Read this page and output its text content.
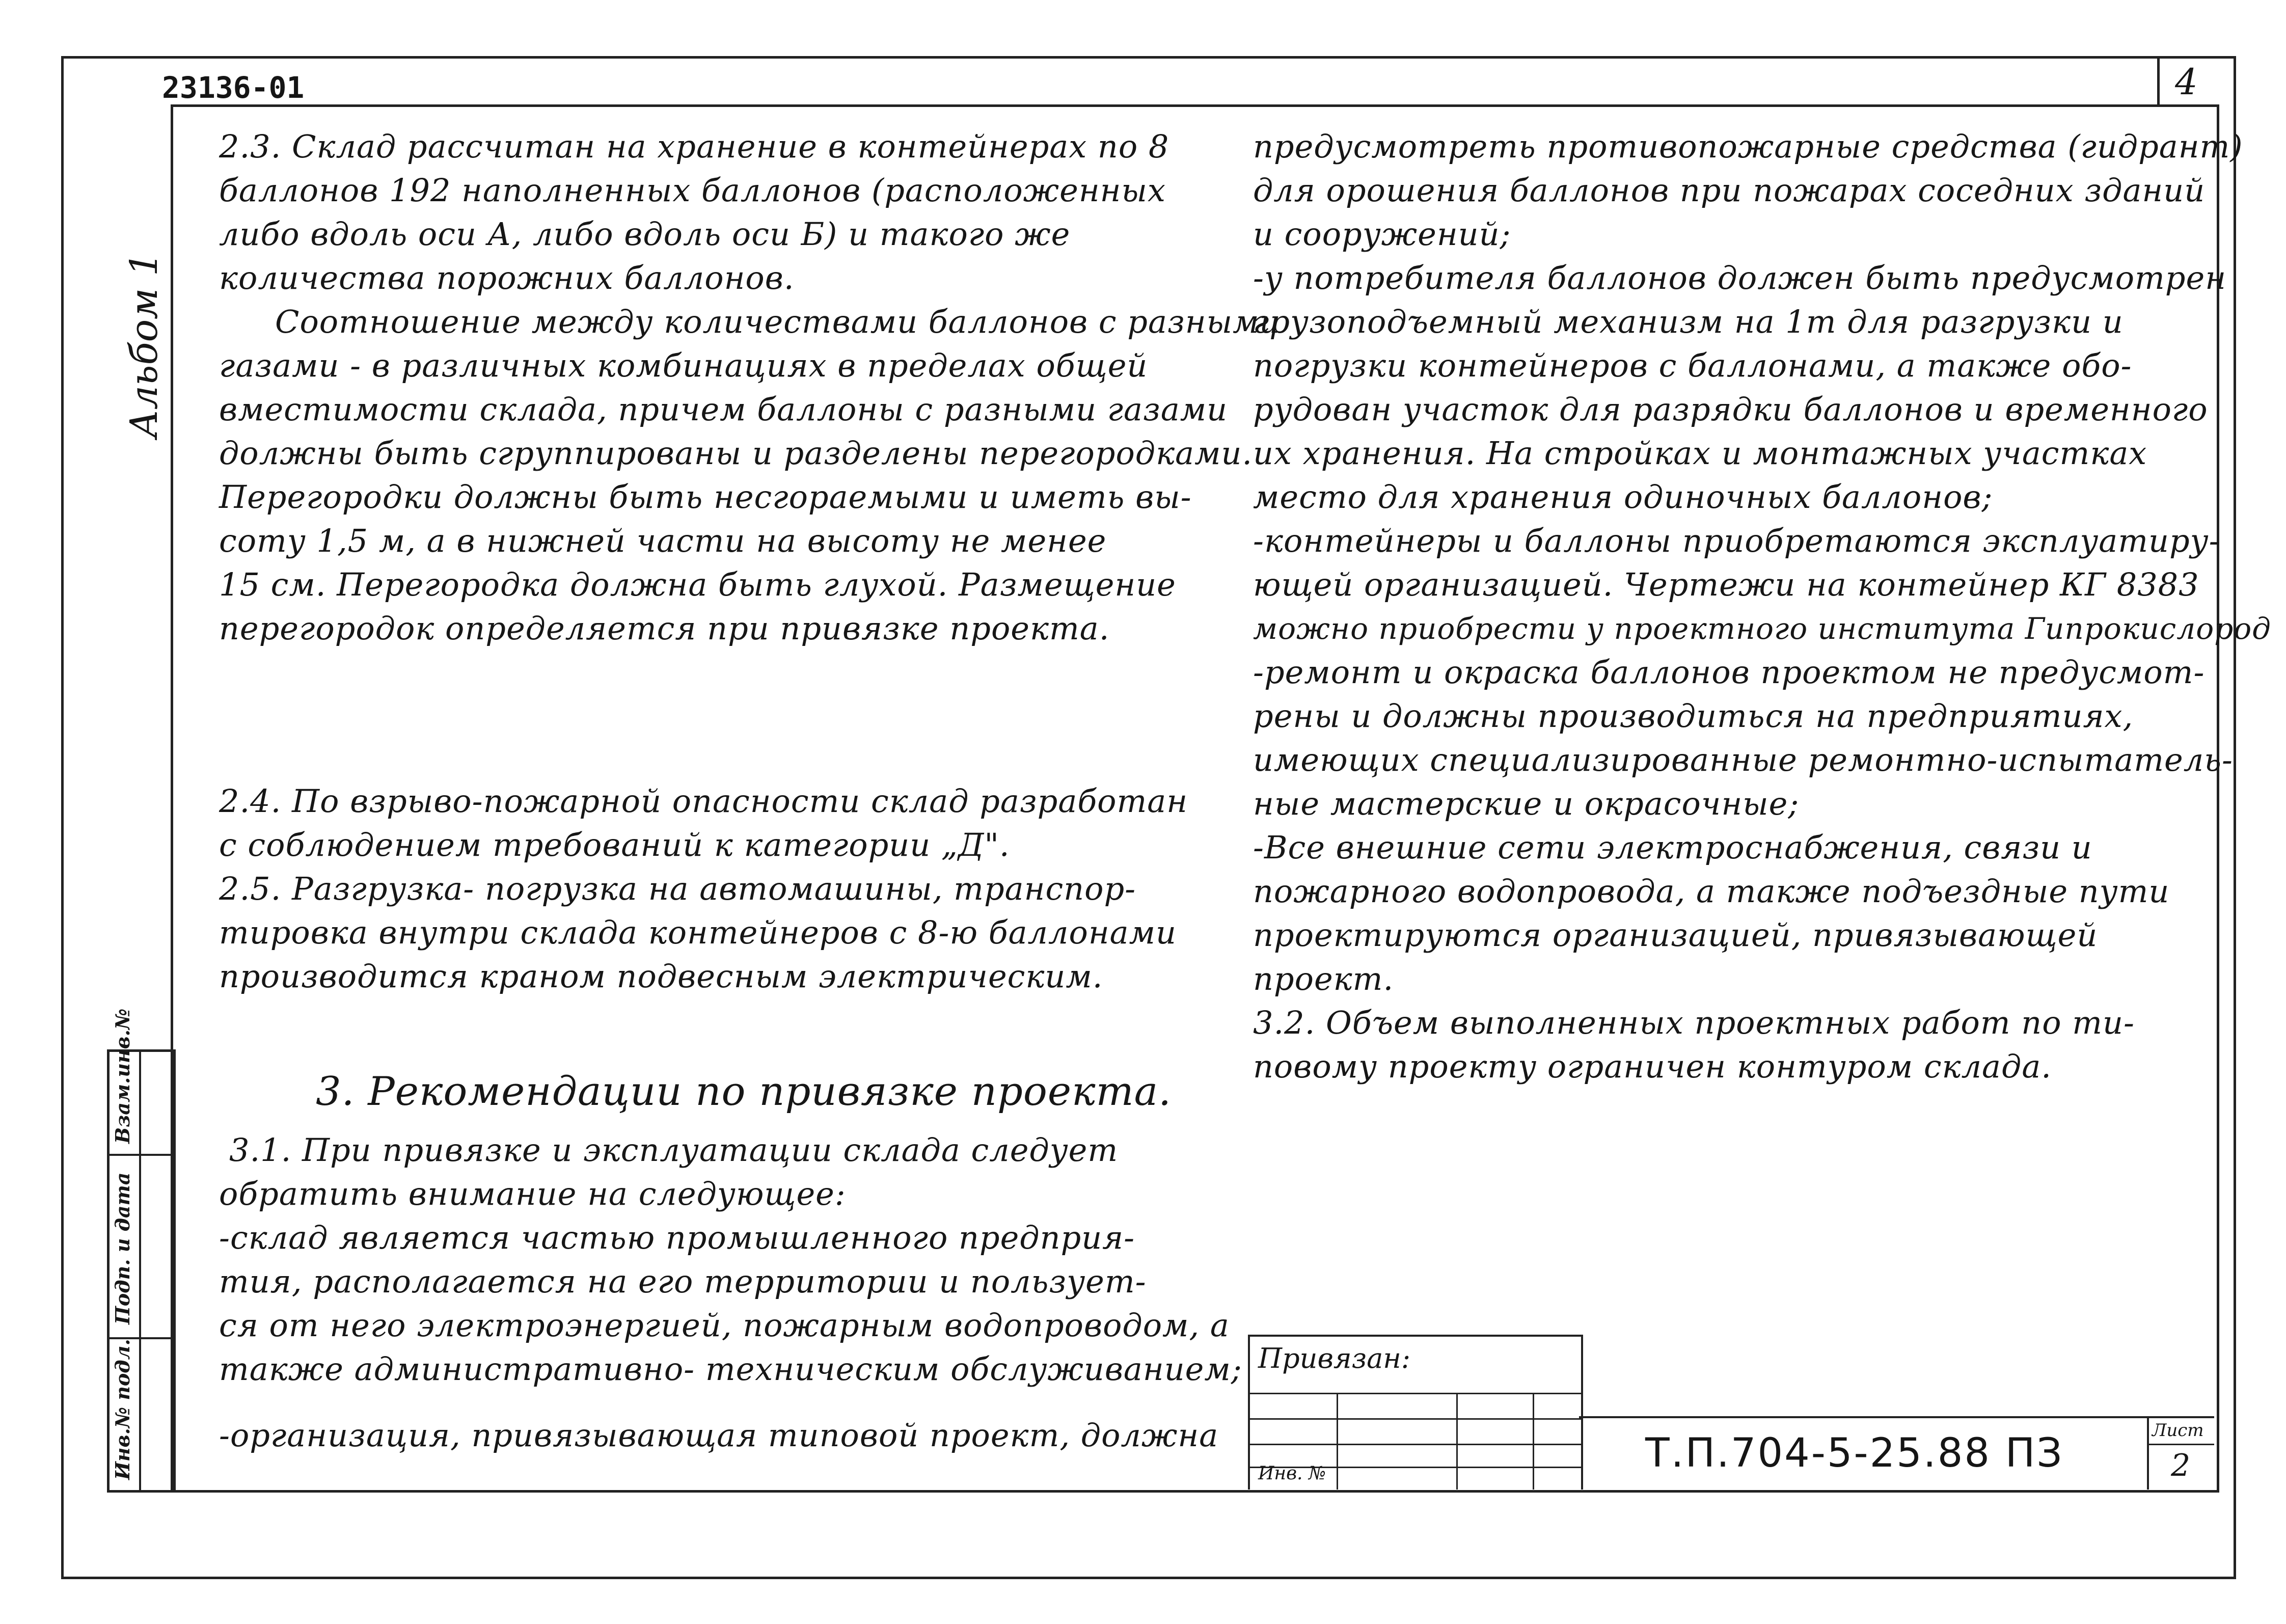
4
23136-01
Альбом 1
Инв.№ подл.
Подп. и дата
Взам.инв.№
2.3. Склад рассчитан на хранение в контейнерах по 8
баллонов 192 наполненных баллонов (расположенных
либо вдоль оси А, либо вдоль оси Б) и такого же
количества порожних баллонов.
Соотношение между количествами баллонов с разными
газами - в различных комбинациях в пределах общей
вместимости склада, причем баллоны с разными газами
должны быть сгруппированы и разделены перегородками.
Перегородки должны быть несгораемыми и иметь вы-
соту 1,5 м, а в нижней части на высоту не менее
15 см. Перегородка должна быть глухой. Размещение
перегородок определяется при привязке проекта.
2.4. По взрыво-пожарной опасности склад разработан
с соблюдением требований к категории „Д".
2.5. Разгрузка- погрузка на автомашины, транспор-
тировка внутри склада контейнеров с 8-ю баллонами
производится краном подвесным электрическим.
3. Рекомендации по привязке проекта.
3.1. При привязке и эксплуатации склада следует
обратить внимание на следующее:
-склад является частью промышленного предприя-
тия, располагается на его территории и пользует-
ся от него электроэнергией, пожарным водопроводом, а
также административно- техническим обслуживанием;
-организация, привязывающая типовой проект, должна
предусмотреть противопожарные средства (гидрант)
для орошения баллонов при пожарах соседних зданий
и сооружений;
-у потребителя баллонов должен быть предусмотрен
грузоподъемный механизм на 1т для разгрузки и
погрузки контейнеров с баллонами, а также обо-
рудован участок для разрядки баллонов и временного
их хранения. На стройках и монтажных участках
место для хранения одиночных баллонов;
-контейнеры и баллоны приобретаются эксплуатиру-
ющей организацией. Чертежи на контейнер КГ 8383
можно приобрести у проектного института Гипрокислород
-ремонт и окраска баллонов проектом не предусмот-
рены и должны производиться на предприятиях,
имеющих специализированные ремонтно-испытатель-
ные мастерские и окрасочные;
-Все внешние сети электроснабжения, связи и
пожарного водопровода, а также подъездные пути
проектируются организацией, привязывающей
проект.
3.2. Объем выполненных проектных работ по ти-
повому проекту ограничен контуром склада.
Привязан:
Инв. №	Т.П.704-5-25.88 ПЗ	Лист
2
